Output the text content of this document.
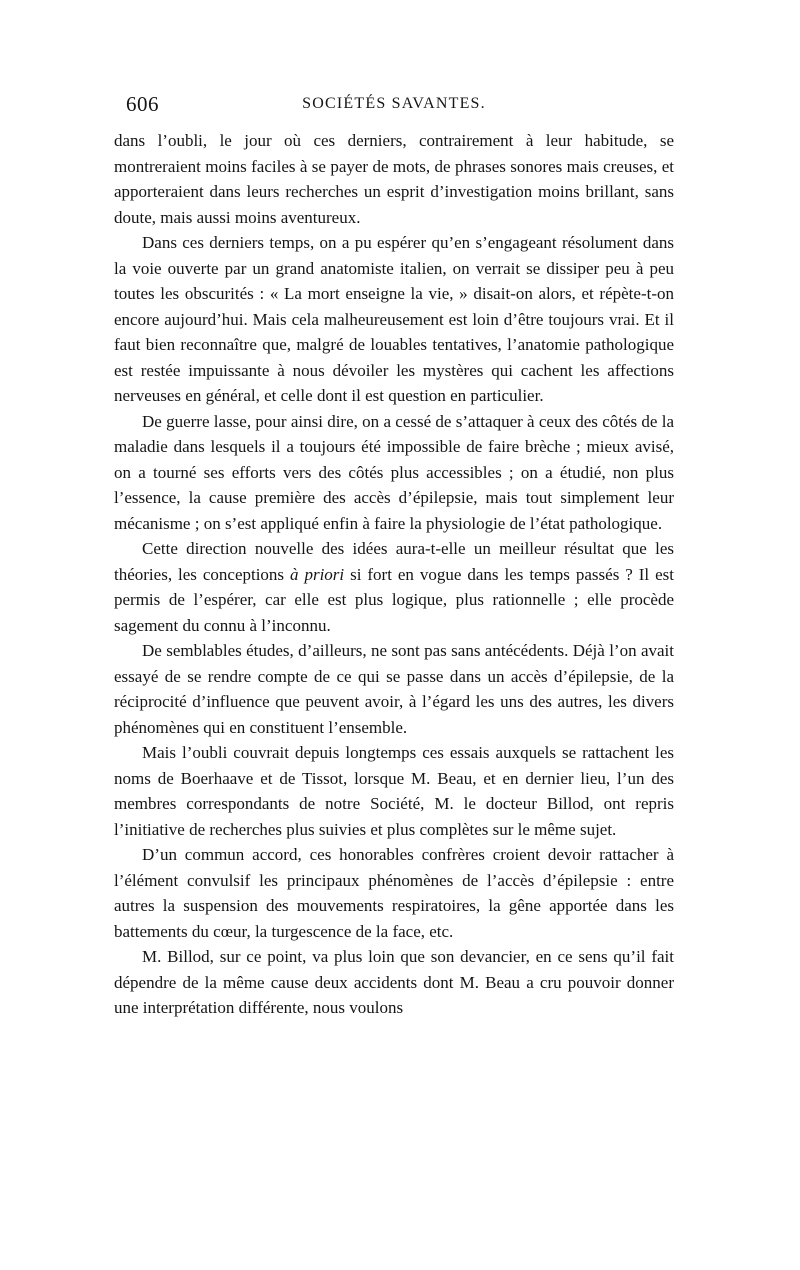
606	SOCIÉTÉS SAVANTES.

dans l’oubli, le jour où ces derniers, contrairement à leur habitude, se montreraient moins faciles à se payer de mots, de phrases sonores mais creuses, et apporteraient dans leurs recherches un esprit d’investigation moins brillant, sans doute, mais aussi moins aventureux.

Dans ces derniers temps, on a pu espérer qu’en s’engageant résolument dans la voie ouverte par un grand anatomiste italien, on verrait se dissiper peu à peu toutes les obscurités : « La mort enseigne la vie, » disait-on alors, et répète-t-on encore aujourd’hui. Mais cela malheureusement est loin d’être toujours vrai. Et il faut bien reconnaître que, malgré de louables tentatives, l’anatomie pathologique est restée impuissante à nous dévoiler les mystères qui cachent les affections nerveuses en général, et celle dont il est question en particulier.

De guerre lasse, pour ainsi dire, on a cessé de s’attaquer à ceux des côtés de la maladie dans lesquels il a toujours été impossible de faire brèche ; mieux avisé, on a tourné ses efforts vers des côtés plus accessibles ; on a étudié, non plus l’essence, la cause première des accès d’épilepsie, mais tout simplement leur mécanisme ; on s’est appliqué enfin à faire la physiologie de l’état pathologique.

Cette direction nouvelle des idées aura-t-elle un meilleur résultat que les théories, les conceptions à priori si fort en vogue dans les temps passés ? Il est permis de l’espérer, car elle est plus logique, plus rationnelle ; elle procède sagement du connu à l’inconnu.

De semblables études, d’ailleurs, ne sont pas sans antécédents. Déjà l’on avait essayé de se rendre compte de ce qui se passe dans un accès d’épilepsie, de la réciprocité d’influence que peuvent avoir, à l’égard les uns des autres, les divers phénomènes qui en constituent l’ensemble.

Mais l’oubli couvrait depuis longtemps ces essais auxquels se rattachent les noms de Boerhaave et de Tissot, lorsque M. Beau, et en dernier lieu, l’un des membres correspondants de notre Société, M. le docteur Billod, ont repris l’initiative de recherches plus suivies et plus complètes sur le même sujet.

D’un commun accord, ces honorables confrères croient devoir rattacher à l’élément convulsif les principaux phénomènes de l’accès d’épilepsie : entre autres la suspension des mouvements respiratoires, la gêne apportée dans les battements du cœur, la turgescence de la face, etc.

M. Billod, sur ce point, va plus loin que son devancier, en ce sens qu’il fait dépendre de la même cause deux accidents dont M. Beau a cru pouvoir donner une interprétation différente, nous voulons
